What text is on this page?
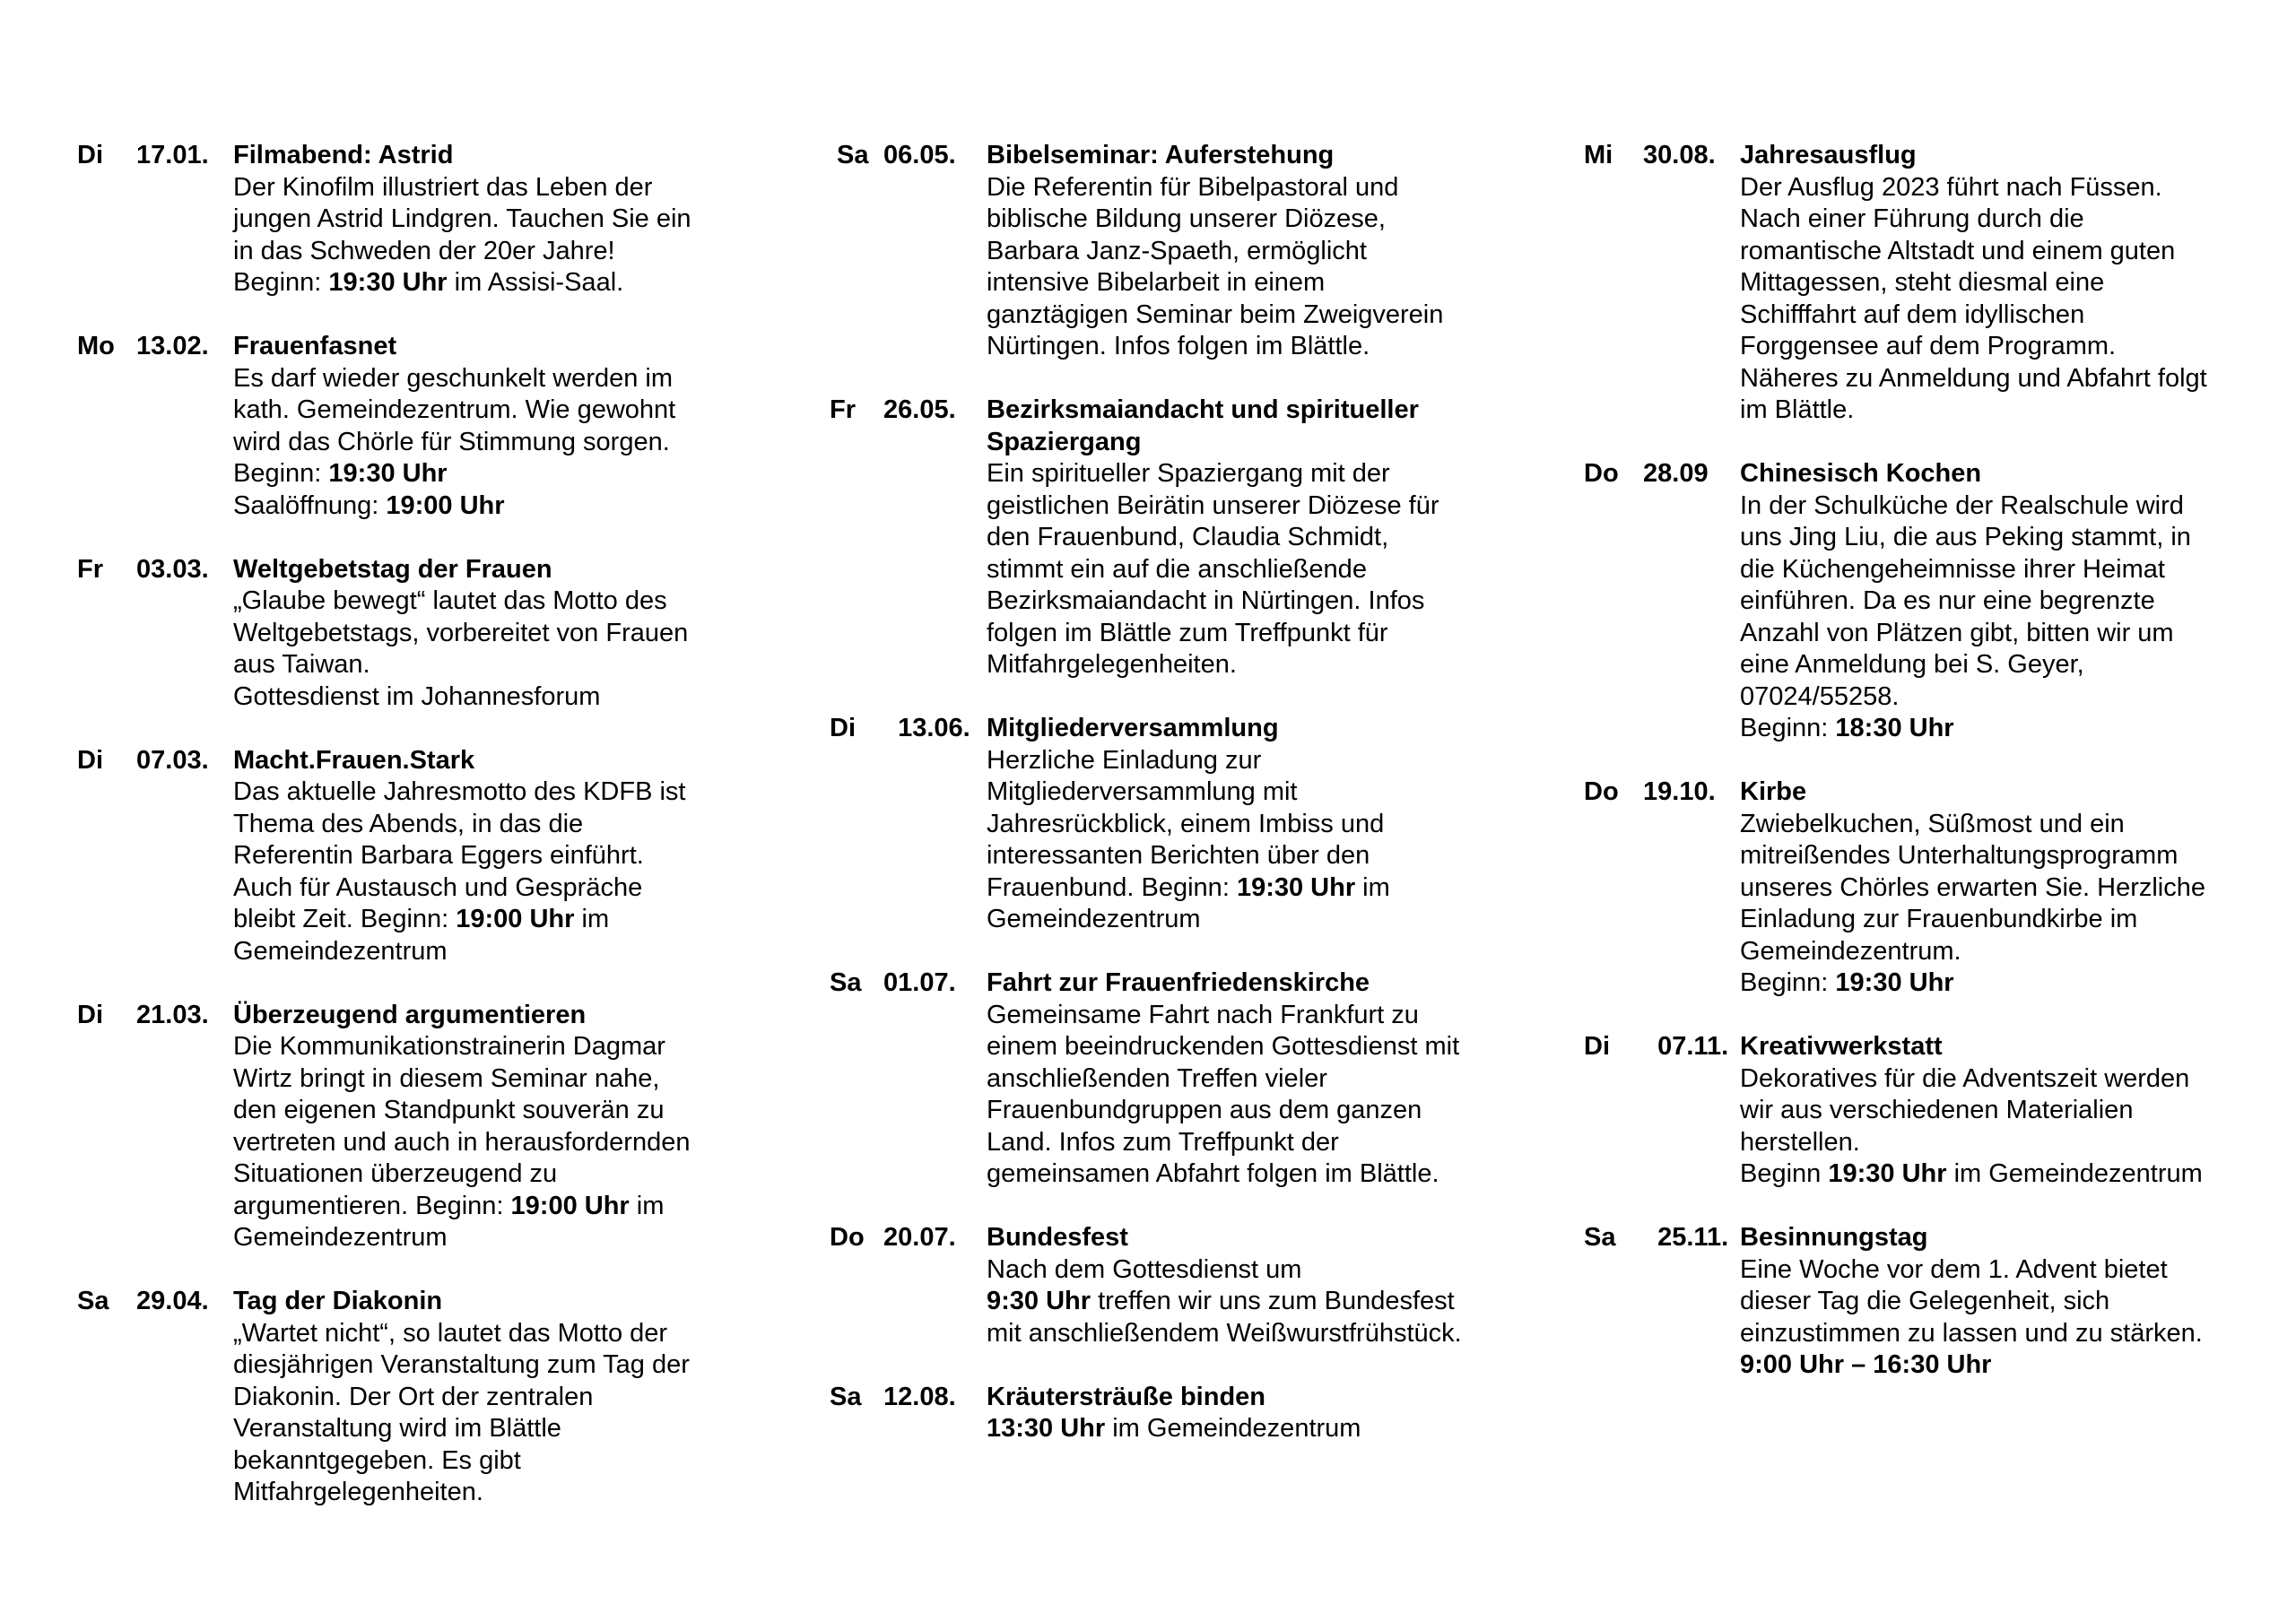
Di	17.01. Filmabend: Astrid
Der Kinofilm illustriert das Leben der
jungen Astrid Lindgren. Tauchen Sie ein
in das Schweden der 20er Jahre!
Beginn: 19:30 Uhr im Assisi-Saal.
Mo 13.02. Frauenfasnet
Es darf wieder geschunkelt werden im
kath. Gemeindezentrum. Wie gewohnt
wird das Chörle für Stimmung sorgen.
Beginn: 19:30 Uhr
Saalöffnung: 19:00 Uhr
Fr	03.03. Weltgebetstag der Frauen
„Glaube bewegt“ lautet das Motto des
Weltgebetstags, vorbereitet von Frauen
aus Taiwan.
Gottesdienst im Johannesforum
Di	07.03. Macht.Frauen.Stark
Das aktuelle Jahresmotto des KDFB ist
Thema des Abends, in das die
Referentin Barbara Eggers einführt.
Auch für Austausch und Gespräche
bleibt Zeit. Beginn: 19:00 Uhr im
Gemeindezentrum
Di	21.03. Überzeugend argumentieren
Die Kommunikationstrainerin Dagmar
Wirtz bringt in diesem Seminar nahe,
den eigenen Standpunkt souverän zu
vertreten und auch in herausfordernden
Situationen überzeugend zu
argumentieren. Beginn: 19:00 Uhr im
Gemeindezentrum
Sa	29.04. Tag der Diakonin
„Wartet nicht“, so lautet das Motto der
diesjährigen Veranstaltung zum Tag der
Diakonin. Der Ort der zentralen
Veranstaltung wird im Blättle
bekanntgegeben. Es gibt
Mitfahrgelegenheiten.
Sa 06.05.	Bibelseminar: Auferstehung
Die Referentin für Bibelpastoral und
biblische Bildung unserer Diözese,
Barbara Janz-Spaeth, ermöglicht
intensive Bibelarbeit in einem
ganztägigen Seminar beim Zweigverein
Nürtingen. Infos folgen im Blättle.
Fr	26.05.	Bezirksmaiandacht und spiritueller
Spaziergang
Ein spiritueller Spaziergang mit der
geistlichen Beirätin unserer Diözese für
den Frauenbund, Claudia Schmidt,
stimmt ein auf die anschließende
Bezirksmaiandacht in Nürtingen. Infos
folgen im Blättle zum Treffpunkt für
Mitfahrgelegenheiten.
Di	13.06. Mitgliederversammlung
Herzliche Einladung zur
Mitgliederversammlung mit
Jahresrückblick, einem Imbiss und
interessanten Berichten über den
Frauenbund. Beginn: 19:30 Uhr im
Gemeindezentrum
Sa 01.07.	Fahrt zur Frauenfriedenskirche
Gemeinsame Fahrt nach Frankfurt zu
einem beeindruckenden Gottesdienst mit
anschließenden Treffen vieler
Frauenbundgruppen aus dem ganzen
Land. Infos zum Treffpunkt der
gemeinsamen Abfahrt folgen im Blättle.
Do 20.07.	Bundesfest
Nach dem Gottesdienst um
9:30 Uhr treffen wir uns zum Bundesfest
mit anschließendem Weißwurstfrühstück.
Sa 12.08.	Kräutersträuße binden
13:30 Uhr im Gemeindezentrum
Mi	30.08. Jahresausflug
Der Ausflug 2023 führt nach Füssen.
Nach einer Führung durch die
romantische Altstadt und einem guten
Mittagessen, steht diesmal eine
Schifffahrt auf dem idyllischen
Forggensee auf dem Programm.
Näheres zu Anmeldung und Abfahrt folgt
im Blättle.
Do 28.09	Chinesisch Kochen
In der Schulküche der Realschule wird
uns Jing Liu, die aus Peking stammt, in
die Küchengeheimnisse ihrer Heimat
einführen. Da es nur eine begrenzte
Anzahl von Plätzen gibt, bitten wir um
eine Anmeldung bei S. Geyer,
07024/55258.
Beginn: 18:30 Uhr
Do 19.10. Kirbe
Zwiebelkuchen, Süßmost und ein
mitreißendes Unterhaltungsprogramm
unseres Chörles erwarten Sie. Herzliche
Einladung zur Frauenbundkirbe im
Gemeindezentrum.
Beginn: 19:30 Uhr
Di	07.11. Kreativwerkstatt
Dekoratives für die Adventszeit werden
wir aus verschiedenen Materialien
herstellen.
Beginn 19:30 Uhr im Gemeindezentrum
Sa	25.11. Besinnungstag
Eine Woche vor dem 1. Advent bietet
dieser Tag die Gelegenheit, sich
einzustimmen zu lassen und zu stärken.
9:00 Uhr – 16:30 Uhr
